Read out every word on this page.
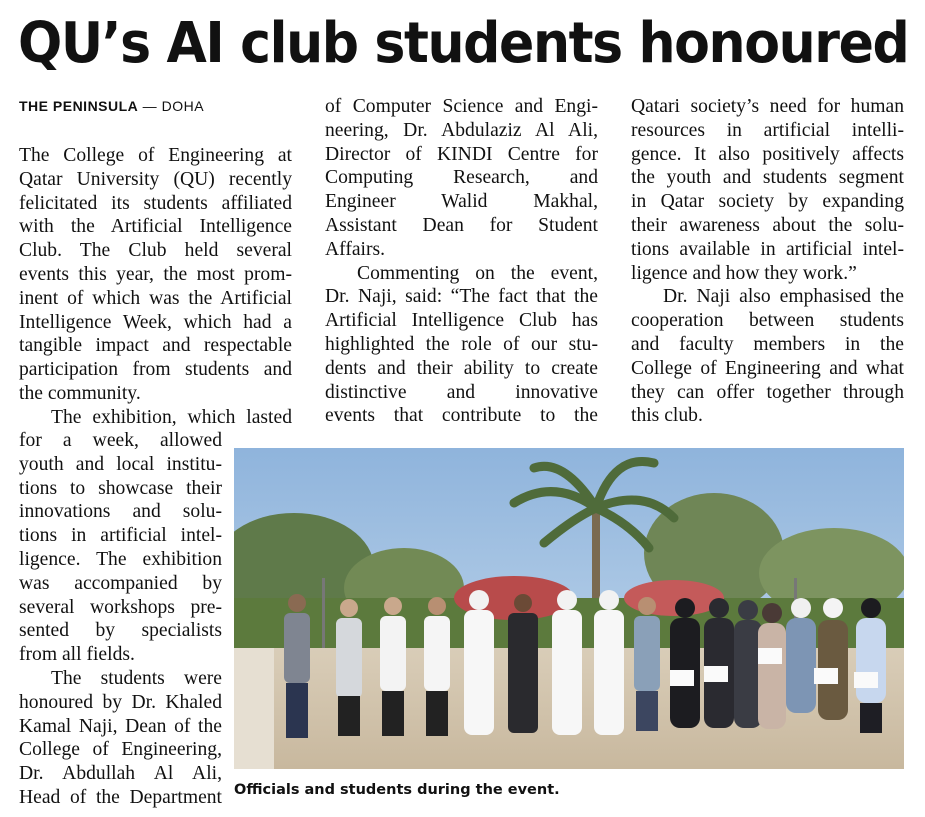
QU’s AI club students honoured
THE PENINSULA — DOHA
The College of Engineering at
Qatar University (QU) recently
felicitated its students affiliated
with the Artificial Intelligence
Club. The Club held several
events this year, the most prom-
inent of which was the Artificial
Intelligence Week, which had a
tangible impact and respectable
participation from students and
the community.
The exhibition, which lasted
for a week, allowed
youth and local institu-
tions to showcase their
innovations and solu-
tions in artificial intel-
ligence. The exhibition
was accompanied by
several workshops pre-
sented by specialists
from all fields.
The students were
honoured by Dr. Khaled
Kamal Naji, Dean of the
College of Engineering,
Dr. Abdullah Al Ali,
Head of the Department
of Computer Science and Engi-
neering, Dr. Abdulaziz Al Ali,
Director of KINDI Centre for
Computing Research, and
Engineer Walid Makhal,
Assistant Dean for Student
Affairs.
Commenting on the event,
Dr. Naji, said: “The fact that the
Artificial Intelligence Club has
highlighted the role of our stu-
dents and their ability to create
distinctive and innovative
events that contribute to the
Qatari society’s need for human
resources in artificial intelli-
gence. It also positively affects
the youth and students segment
in Qatar society by expanding
their awareness about the solu-
tions available in artificial intel-
ligence and how they work.”
Dr. Naji also emphasised the
cooperation between students
and faculty members in the
College of Engineering and what
they can offer together through
this club.
Officials and students during the event.
